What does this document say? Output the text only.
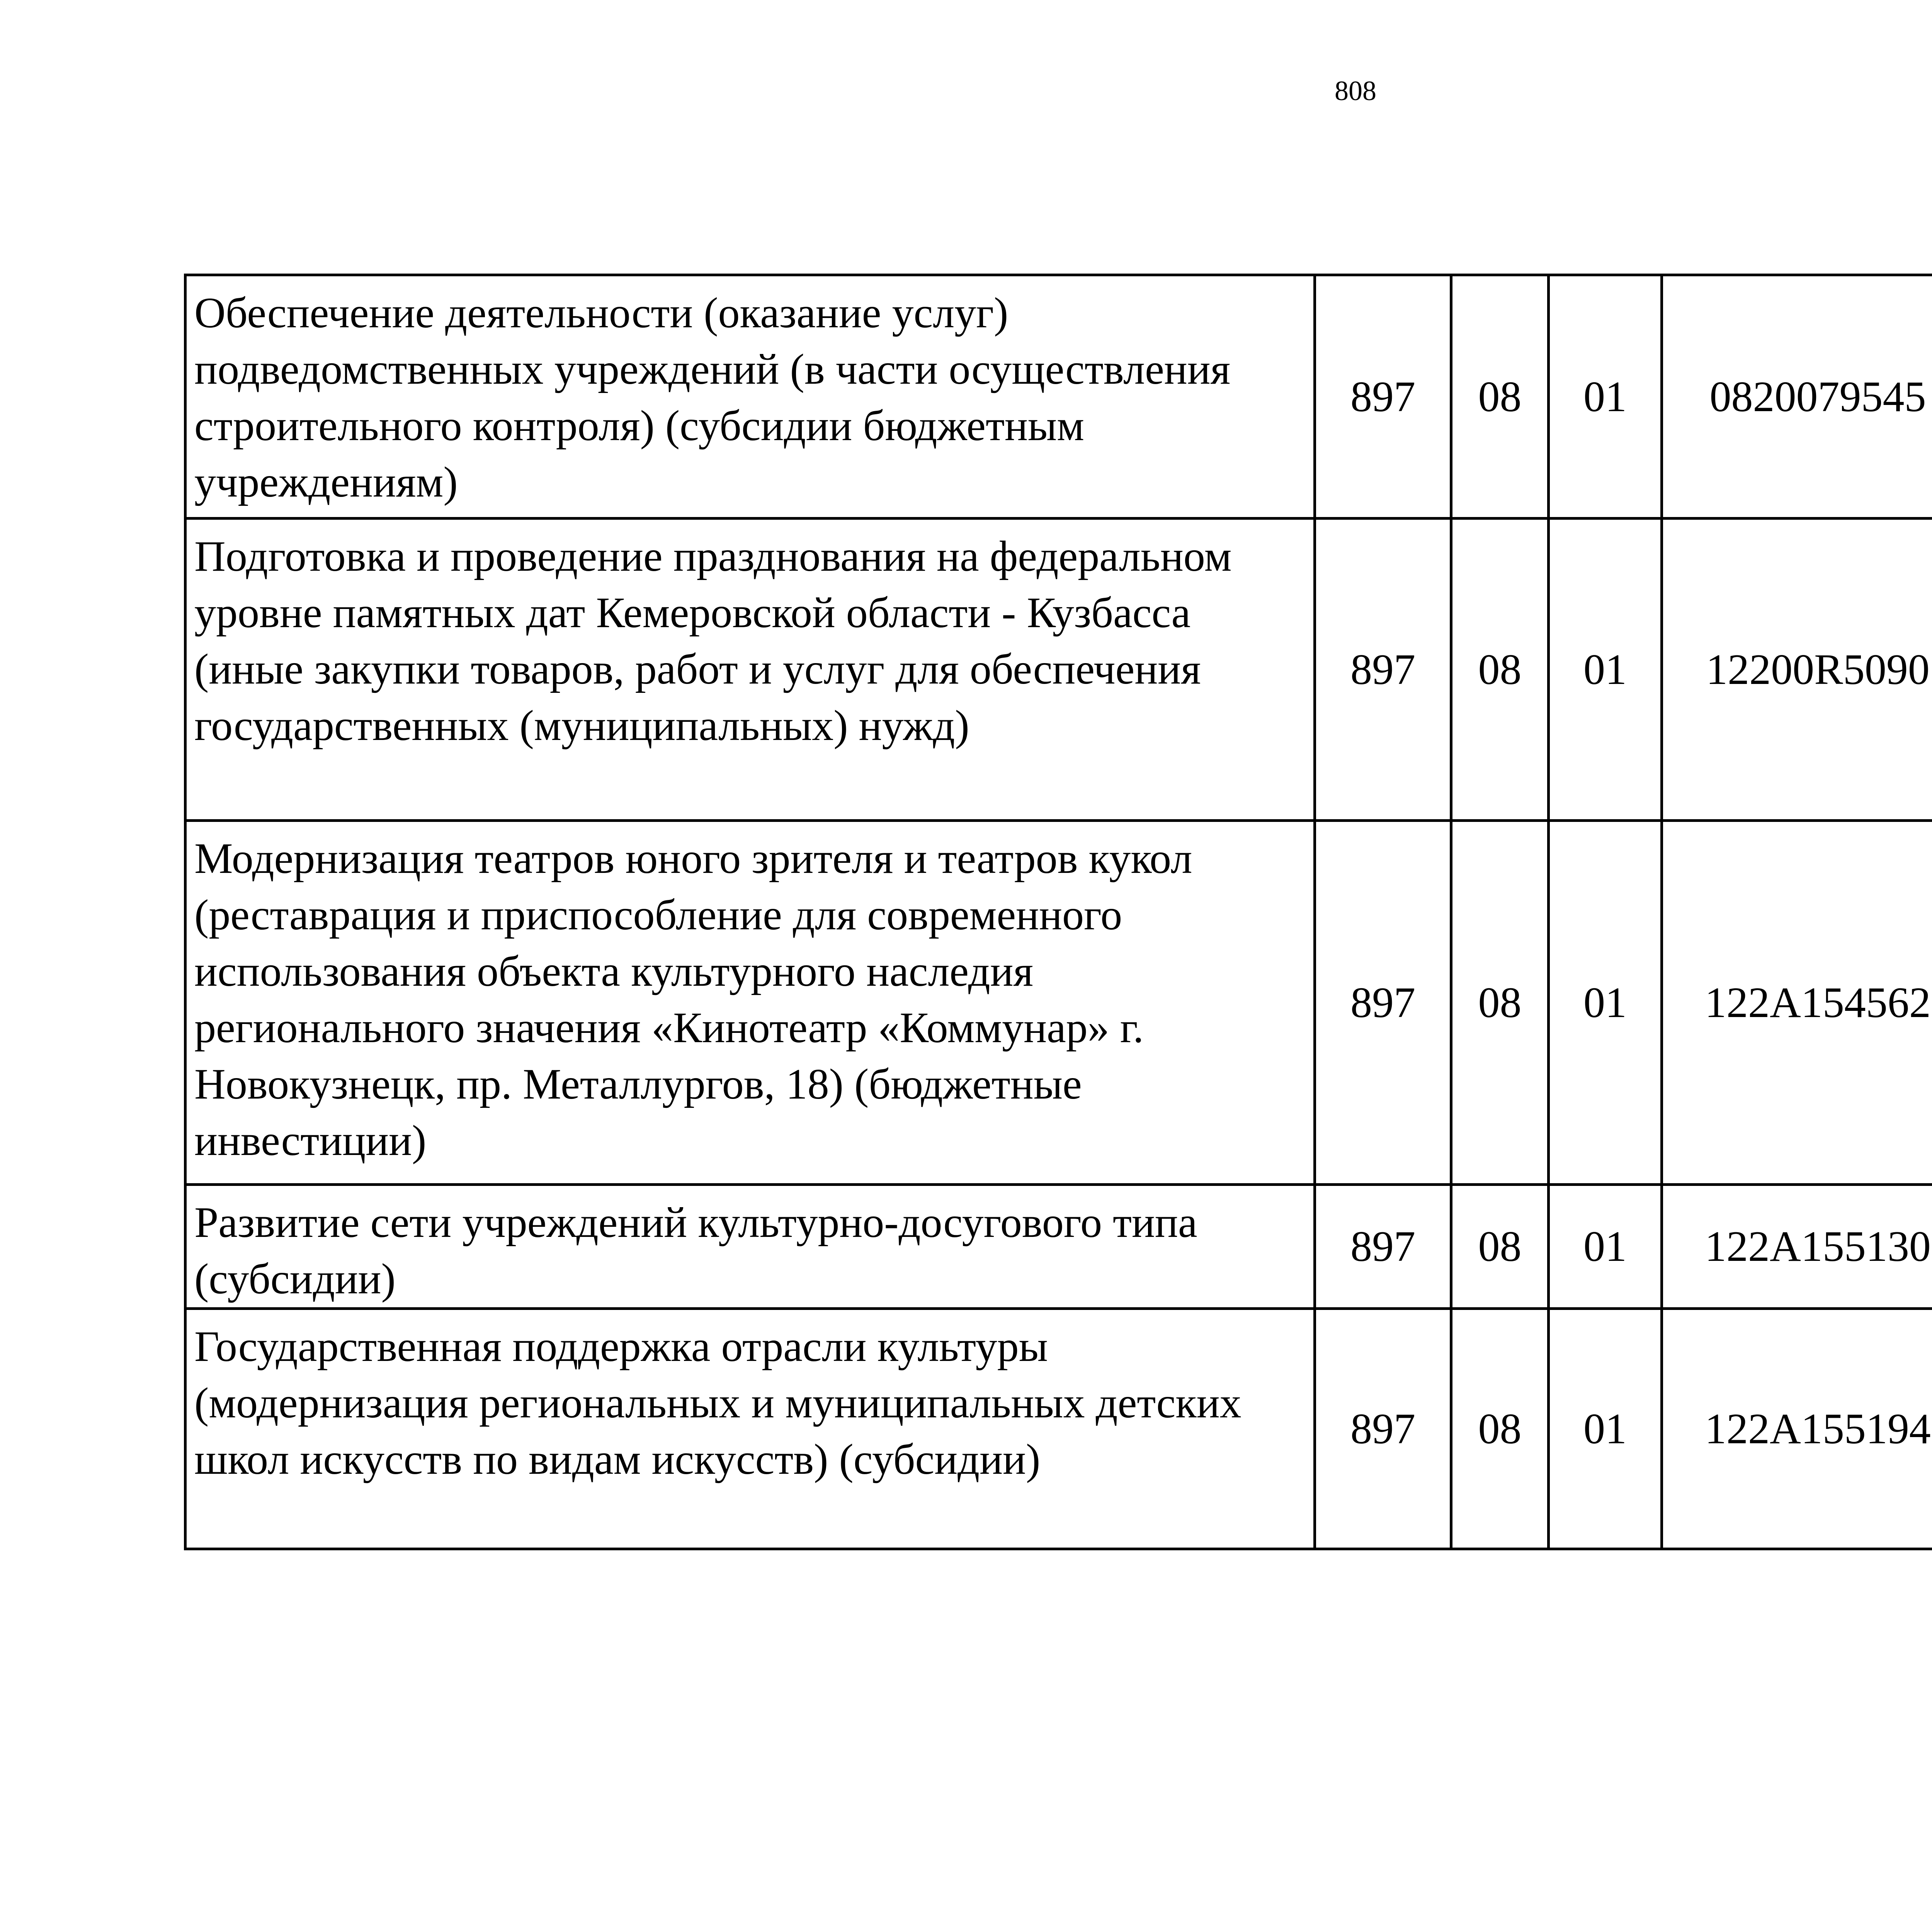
808
Обеспечение деятельности (оказание услуг) подведомственных учреждений (в части осуществления строительного контроля) (субсидии бюджетным учреждениям)	897	08	01	0820079545		
Подготовка и проведение празднования на федеральном уровне памятных дат Кемеровской области - Кузбасса (иные закупки товаров, работ и услуг для обеспечения государственных (муниципальных) нужд)	897	08	01	12200R5090		
Модернизация театров юного зрителя и театров кукол (реставрация и приспособление для современного использования объекта культурного наследия регионального значения «Кинотеатр «Коммунар» г. Новокузнецк, пр. Металлургов, 18) (бюджетные инвестиции)	897	08	01	122A154562		
Развитие сети учреждений культурно-досугового типа (субсидии)	897	08	01	122A155130		
Государственная поддержка отрасли культуры (модернизация региональных и муниципальных детских школ искусств по видам искусств) (субсидии)	897	08	01	122A155194		
